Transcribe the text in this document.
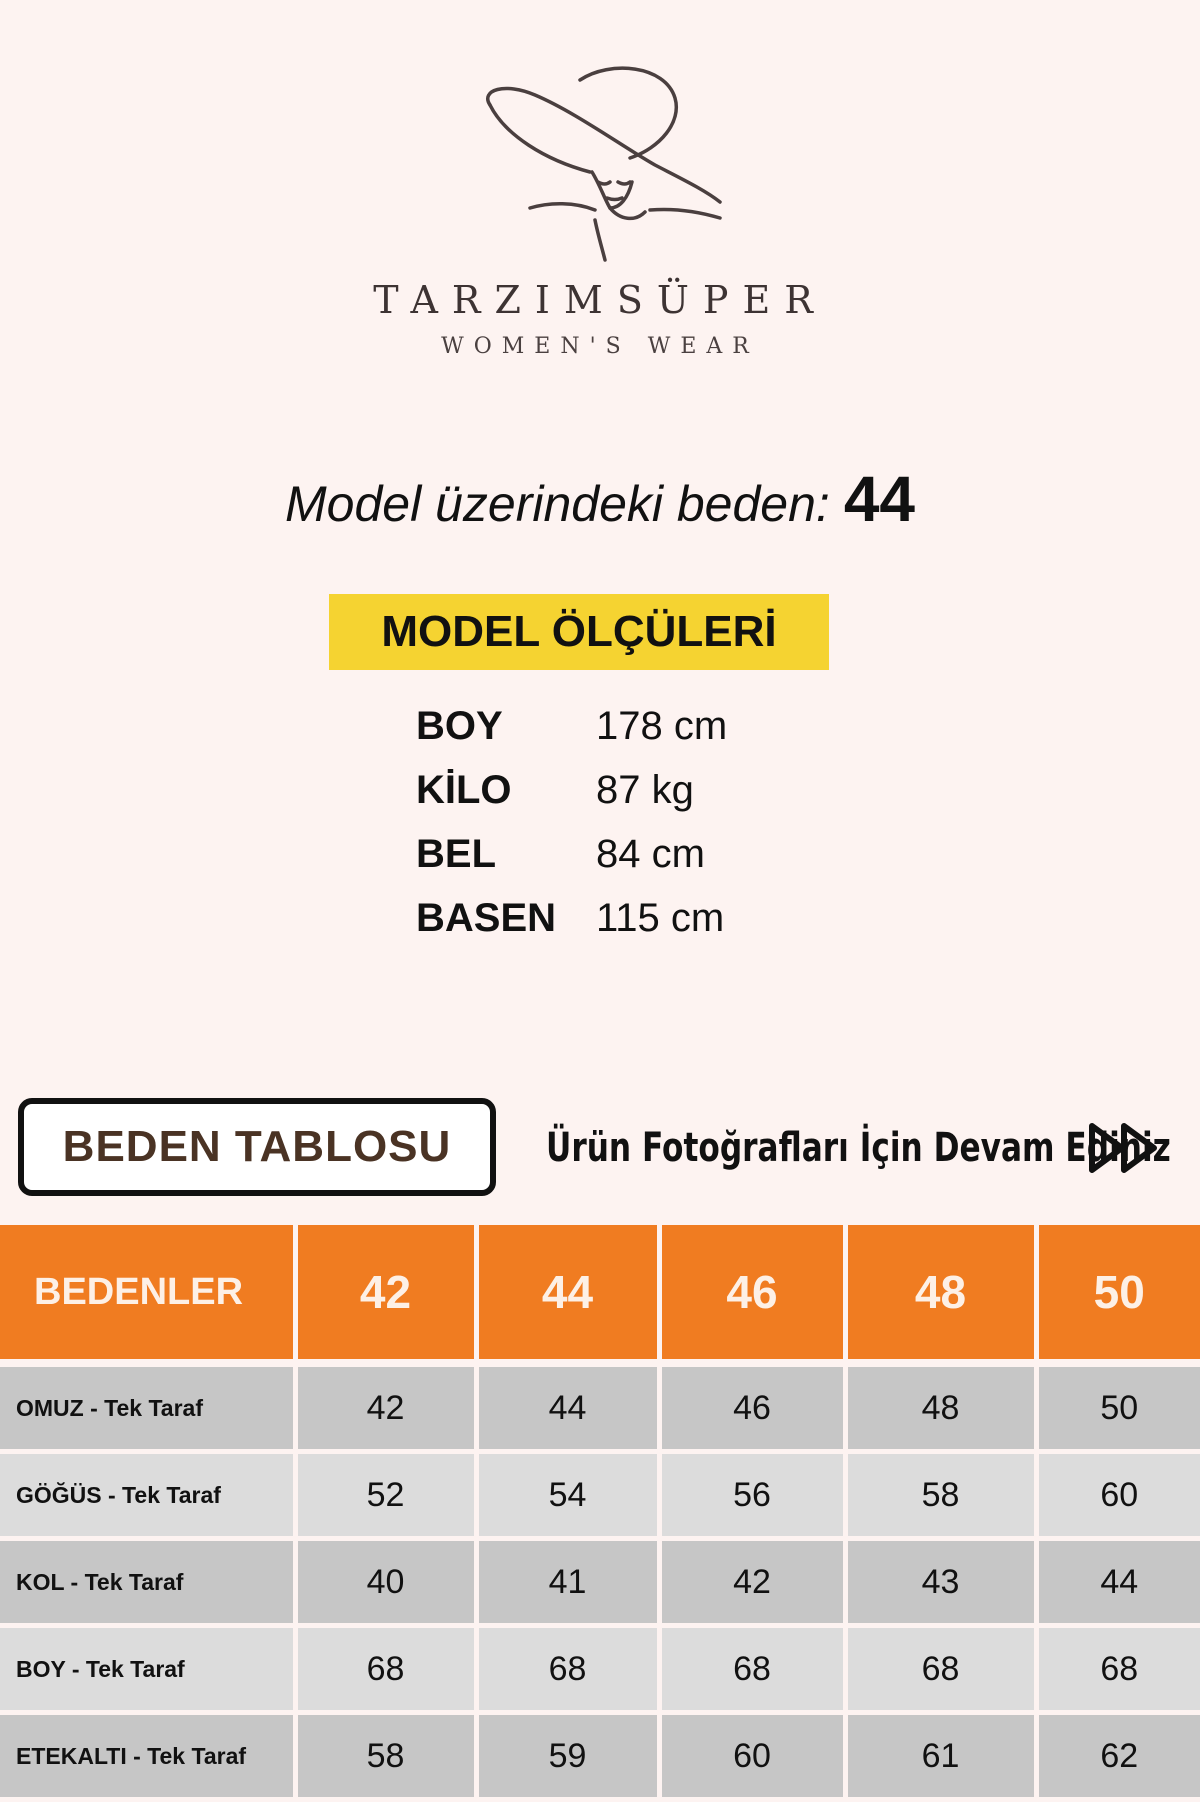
TARZIMSÜPER
WOMEN'S WEAR
Model üzerindeki beden: 44
MODEL ÖLÇÜLERİ
BOY	178 cm
KİLO	87 kg
BEL	84 cm
BASEN 115 cm
BEDEN TABLOSU	Ürün Fotoğrafları İçin Devam Ediniz
BEDENLER	42	44	46	48	50

OMUZ - Tek Taraf	42	44	46	48	50
GÖĞÜS - Tek Taraf	52	54	56	58	60
KOL - Tek Taraf	40	41	42	43	44
BOY - Tek Taraf	68	68	68	68	68
ETEKALTI - Tek Taraf	58	59	60	61	62
